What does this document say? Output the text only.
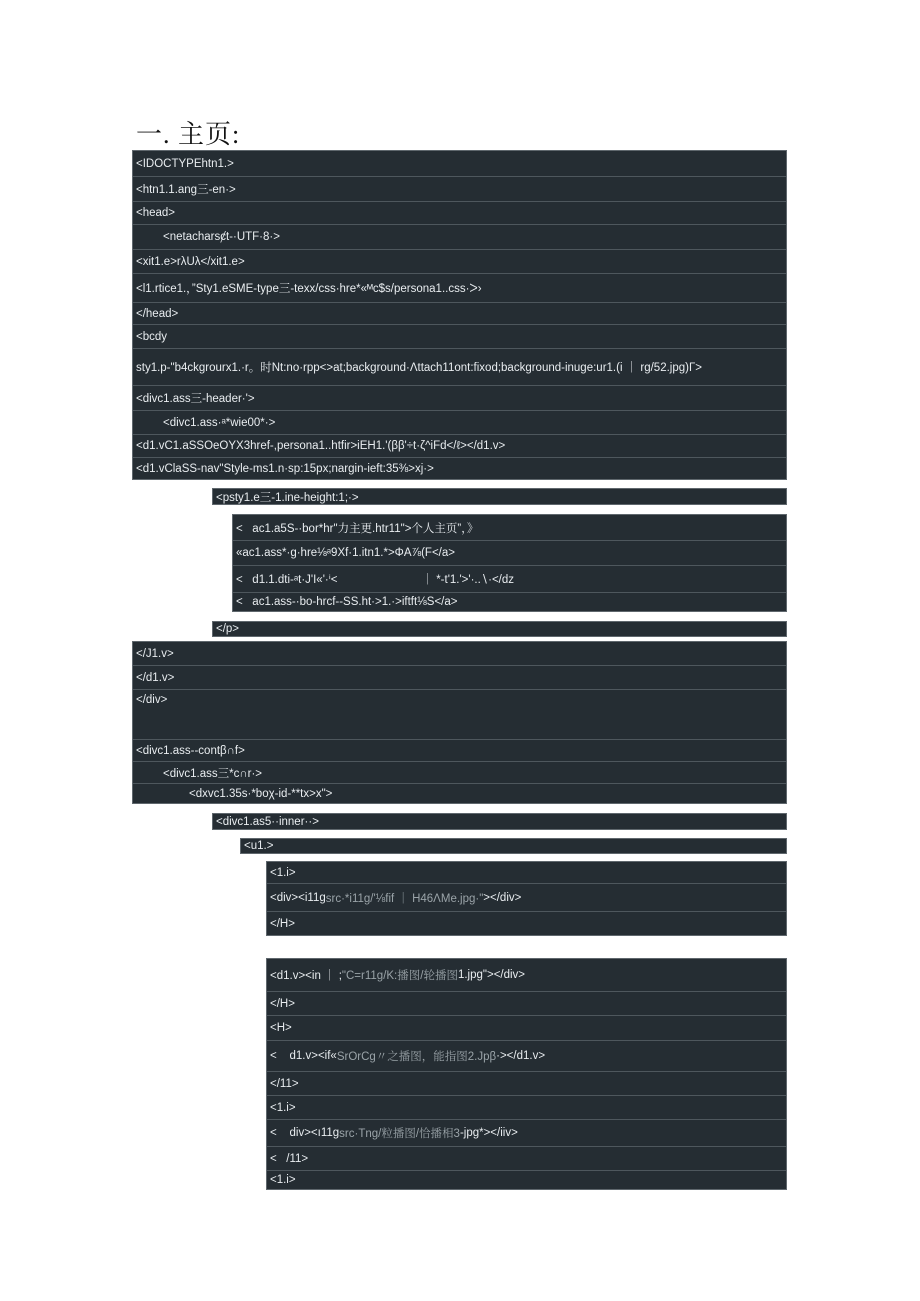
一. 主页:
<IDOCTYPEhtn1.>
<htn1.1.ang三-en·>
<head>
<netacharsȼt-·UTF·8·>
<xit1.e>rλUλ</xit1.e>
<l1.rtice1.，”Sty1.eSME-type三-texx/css·hre*«ᴹc$s/persona1..css·ᐳ›
</head>
<bcdy
sty1.p-"b4ckgrourx1.·r。时Nt:no·rpp<>at;background·Λttach11ont:fixod;background-inuge:ur1.(i ｜ rg/52.jpg)Γ>
<divc1.ass三-header·'>
<divc1.ass·ᵃ*wie00*·>
<d1.vC1.aSSOeOYX3href-,persona1..htfir>iEH1.'(ββ'÷t·ζ^iFd</ℓ></d1.v>
<d1.vClaSS-nav"Style-ms1.n·sp:15px;nargin-ieft:35⅜>xj·>
<psty1.e三-1.ine-height:1;·>
<   ac1.a5S-·bor*hr"力主更.htr11">个人主页”，》
«ac1.ass*·g·hre⅛ᵃ9Xf·1.itn1.*>ΦA⅞(F</a>
<   d1.1.dti-ᵃt·J'I«'·ⁱ<	｜ *-t'1.'>'·..∖·</dz
<   ac1.ass-·bo-hrcf--SS.ht·>1.·>iftft⅛S</a>
</p>
</J1.v>
</d1.v>
</div>
<divc1.ass--contβ∩f>
<divc1.ass三*c∩r·>
<dxvc1.35s·*boχ-id-**tx>x">
<divc1.as5··inner··>
<u1.>
<1.i>
<div><i11g src·*i11g/'⅛fif ｜ H46ΛMe.jpg·" ></div>
</H>
<d1.v><in ｜ ; "C=r11g/K:播图/轮播图 1.jpg"></div>
</H>
<H>
<    d1.v><if« SrOrCg〃之播图，能指图2.Jpβ ·></d1.v>
</11>
<1.i>
<    div><ı11g src·Tng/粒播图/恰播相3 -jpg*></iiv>
<   /11>
<1.i>
